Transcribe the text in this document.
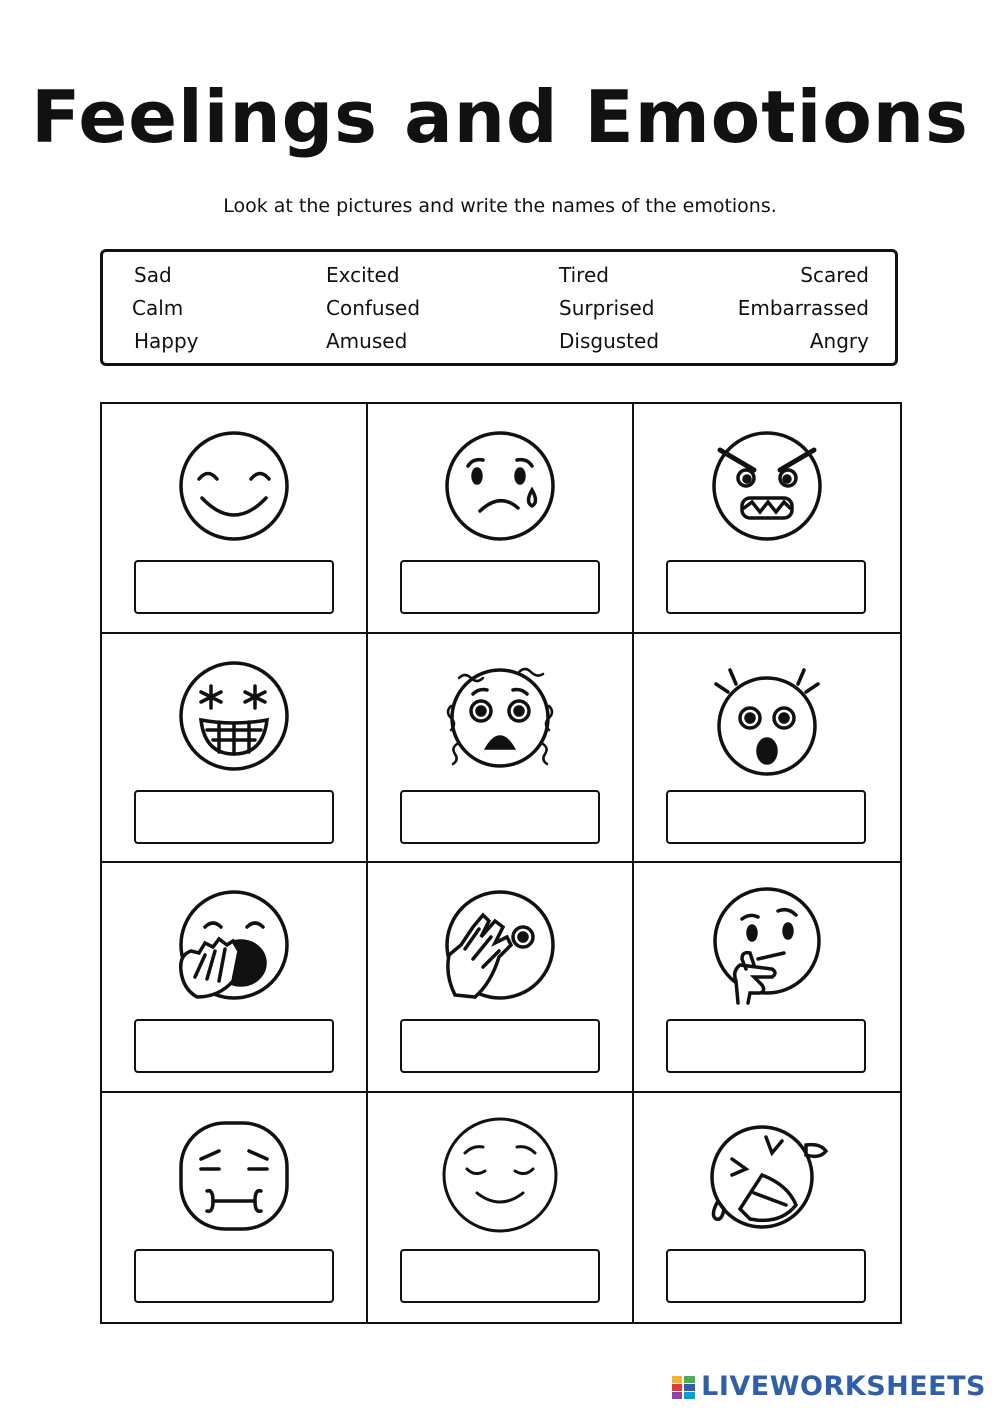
Feelings and Emotions
Look at the pictures and write the names of the emotions.
Sad
Calm
Happy
Excited
Confused
Amused
Tired
Surprised
Disgusted
Scared
Embarrassed
Angry
LIVEWORKSHEETS
